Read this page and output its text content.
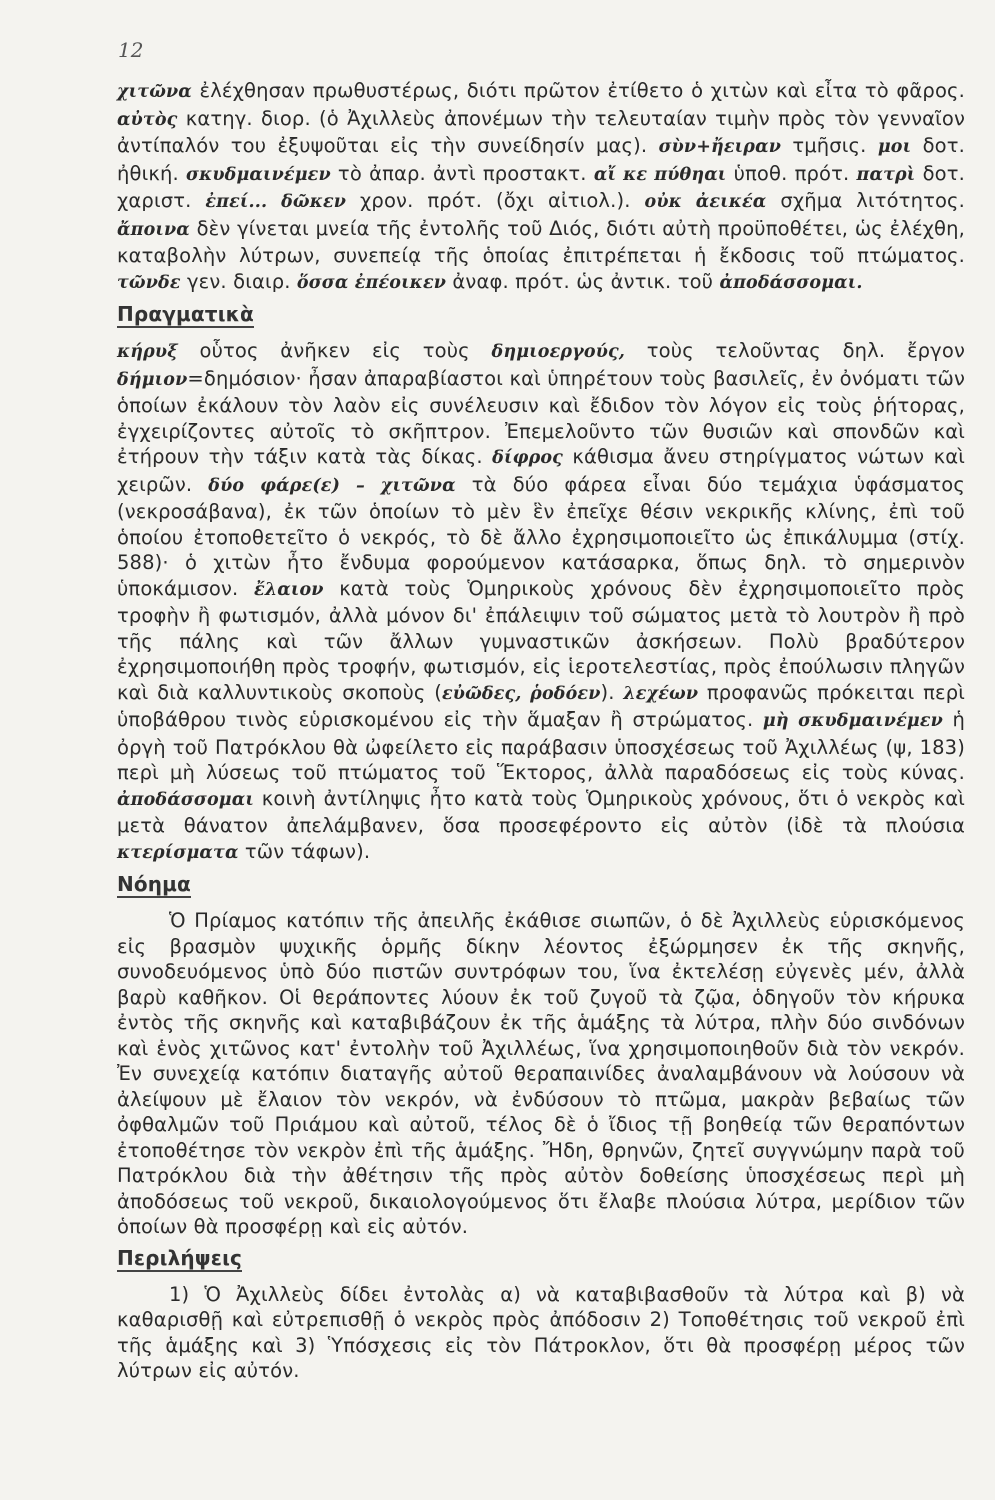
12

χιτῶνα ἐλέχθησαν πρωθυστέρως, διότι πρῶτον ἐτίθετο ὁ χιτὼν καὶ εἶτα τὸ φᾶρος. αὐτὸς κατηγ. διορ. (ὁ Ἀχιλλεὺς ἀπονέμων τὴν τελευταίαν τιμὴν πρὸς τὸν γενναῖον ἀντίπαλόν του ἐξυψοῦται εἰς τὴν συνείδησίν μας). σὺν+ἤειραν τμῆσις. μοι δοτ. ἠθική. σκυδμαινέμεν τὸ ἀπαρ. ἀντὶ προστακτ. αἴ κε πύθηαι ὑποθ. πρότ. πατρὶ δοτ. χαριστ. ἐπεί... δῶκεν χρον. πρότ. (ὄχι αἰτιολ.). οὐκ ἀεικέα σχῆμα λιτότητος. ἄποινα δὲν γίνεται μνεία τῆς ἐντολῆς τοῦ Διός, διότι αὐτὴ προϋποθέτει, ὡς ἐλέχθη, καταβολὴν λύτρων, συνεπείᾳ τῆς ὁποίας ἐπιτρέπεται ἡ ἔκδοσις τοῦ πτώματος. τῶνδε γεν. διαιρ. ὅσσα ἐπέοικεν ἀναφ. πρότ. ὡς ἀντικ. τοῦ ἀποδάσσομαι.

Πραγματικὰ

κήρυξ οὗτος ἀνῆκεν εἰς τοὺς δημιοεργούς, τοὺς τελοῦντας δηλ. ἔργον δήμιον=δημόσιον· ἦσαν ἀπαραβίαστοι καὶ ὑπηρέτουν τοὺς βασιλεῖς, ἐν ὀνόματι τῶν ὁποίων ἐκάλουν τὸν λαὸν εἰς συνέλευσιν καὶ ἔδιδον τὸν λόγον εἰς τοὺς ῥήτορας, ἐγχειρίζοντες αὐτοῖς τὸ σκῆπτρον. Ἐπεμελοῦντο τῶν θυσιῶν καὶ σπονδῶν καὶ ἐτήρουν τὴν τάξιν κατὰ τὰς δίκας. δίφρος κάθισμα ἄνευ στηρίγματος νώτων καὶ χειρῶν. δύο φάρε(ε) – χιτῶνα τὰ δύο φάρεα εἶναι δύο τεμάχια ὑφάσματος (νεκροσάβανα), ἐκ τῶν ὁποίων τὸ μὲν ἓν ἐπεῖχε θέσιν νεκρικῆς κλίνης, ἐπὶ τοῦ ὁποίου ἐτοποθετεῖτο ὁ νεκρός, τὸ δὲ ἄλλο ἐχρησιμοποιεῖτο ὡς ἐπικάλυμμα (στίχ. 588)· ὁ χιτὼν ἦτο ἔνδυμα φορούμενον κατάσαρκα, ὅπως δηλ. τὸ σημερινὸν ὑποκάμισον. ἔλαιον κατὰ τοὺς Ὁμηρικοὺς χρόνους δὲν ἐχρησιμοποιεῖτο πρὸς τροφὴν ἢ φωτισμόν, ἀλλὰ μόνον δι' ἐπάλειψιν τοῦ σώματος μετὰ τὸ λουτρὸν ἢ πρὸ τῆς πάλης καὶ τῶν ἄλλων γυμναστικῶν ἀσκήσεων. Πολὺ βραδύτερον ἐχρησιμοποιήθη πρὸς τροφήν, φωτισμόν, εἰς ἱεροτελεστίας, πρὸς ἐπούλωσιν πληγῶν καὶ διὰ καλλυντικοὺς σκοποὺς (εὐῶδες, ῥοδόεν). λεχέων προφανῶς πρόκειται περὶ ὑποβάθρου τινὸς εὑρισκομένου εἰς τὴν ἅμαξαν ἢ στρώματος. μὴ σκυδμαινέμεν ἡ ὀργὴ τοῦ Πατρόκλου θὰ ὠφείλετο εἰς παράβασιν ὑποσχέσεως τοῦ Ἀχιλλέως (ψ, 183) περὶ μὴ λύσεως τοῦ πτώματος τοῦ Ἕκτορος, ἀλλὰ παραδόσεως εἰς τοὺς κύνας. ἀποδάσσομαι κοινὴ ἀντίληψις ἦτο κατὰ τοὺς Ὁμηρικοὺς χρόνους, ὅτι ὁ νεκρὸς καὶ μετὰ θάνατον ἀπελάμβανεν, ὅσα προσεφέροντο εἰς αὐτὸν (ἰδὲ τὰ πλούσια κτερίσματα τῶν τάφων).

Νόημα

Ὁ Πρίαμος κατόπιν τῆς ἀπειλῆς ἐκάθισε σιωπῶν, ὁ δὲ Ἀχιλλεὺς εὑρισκόμενος εἰς βρασμὸν ψυχικῆς ὁρμῆς δίκην λέοντος ἐξώρμησεν ἐκ τῆς σκηνῆς, συνοδευόμενος ὑπὸ δύο πιστῶν συντρόφων του, ἵνα ἐκτελέσῃ εὐγενὲς μέν, ἀλλὰ βαρὺ καθῆκον. Οἱ θεράποντες λύουν ἐκ τοῦ ζυγοῦ τὰ ζῷα, ὁδηγοῦν τὸν κήρυκα ἐντὸς τῆς σκηνῆς καὶ καταβιβάζουν ἐκ τῆς ἁμάξης τὰ λύτρα, πλὴν δύο σινδόνων καὶ ἑνὸς χιτῶνος κατ' ἐντολὴν τοῦ Ἀχιλλέως, ἵνα χρησιμοποιηθοῦν διὰ τὸν νεκρόν. Ἐν συνεχείᾳ κατόπιν διαταγῆς αὐτοῦ θεραπαινίδες ἀναλαμβάνουν νὰ λούσουν νὰ ἀλείψουν μὲ ἔλαιον τὸν νεκρόν, νὰ ἐνδύσουν τὸ πτῶμα, μακρὰν βεβαίως τῶν ὀφθαλμῶν τοῦ Πριάμου καὶ αὐτοῦ, τέλος δὲ ὁ ἴδιος τῇ βοηθείᾳ τῶν θεραπόντων ἐτοποθέτησε τὸν νεκρὸν ἐπὶ τῆς ἁμάξης. Ἤδη, θρηνῶν, ζητεῖ συγγνώμην παρὰ τοῦ Πατρόκλου διὰ τὴν ἀθέτησιν τῆς πρὸς αὐτὸν δοθείσης ὑποσχέσεως περὶ μὴ ἀποδόσεως τοῦ νεκροῦ, δικαιολογούμενος ὅτι ἔλαβε πλούσια λύτρα, μερίδιον τῶν ὁποίων θὰ προσφέρῃ καὶ εἰς αὐτόν.

Περιλήψεις

1) Ὁ Ἀχιλλεὺς δίδει ἐντολὰς α) νὰ καταβιβασθοῦν τὰ λύτρα καὶ β) νὰ καθαρισθῇ καὶ εὐτρεπισθῇ ὁ νεκρὸς πρὸς ἀπόδοσιν 2) Τοποθέτησις τοῦ νεκροῦ ἐπὶ τῆς ἁμάξης καὶ 3) Ὑπόσχεσις εἰς τὸν Πάτροκλον, ὅτι θὰ προσφέρῃ μέρος τῶν λύτρων εἰς αὐτόν.
